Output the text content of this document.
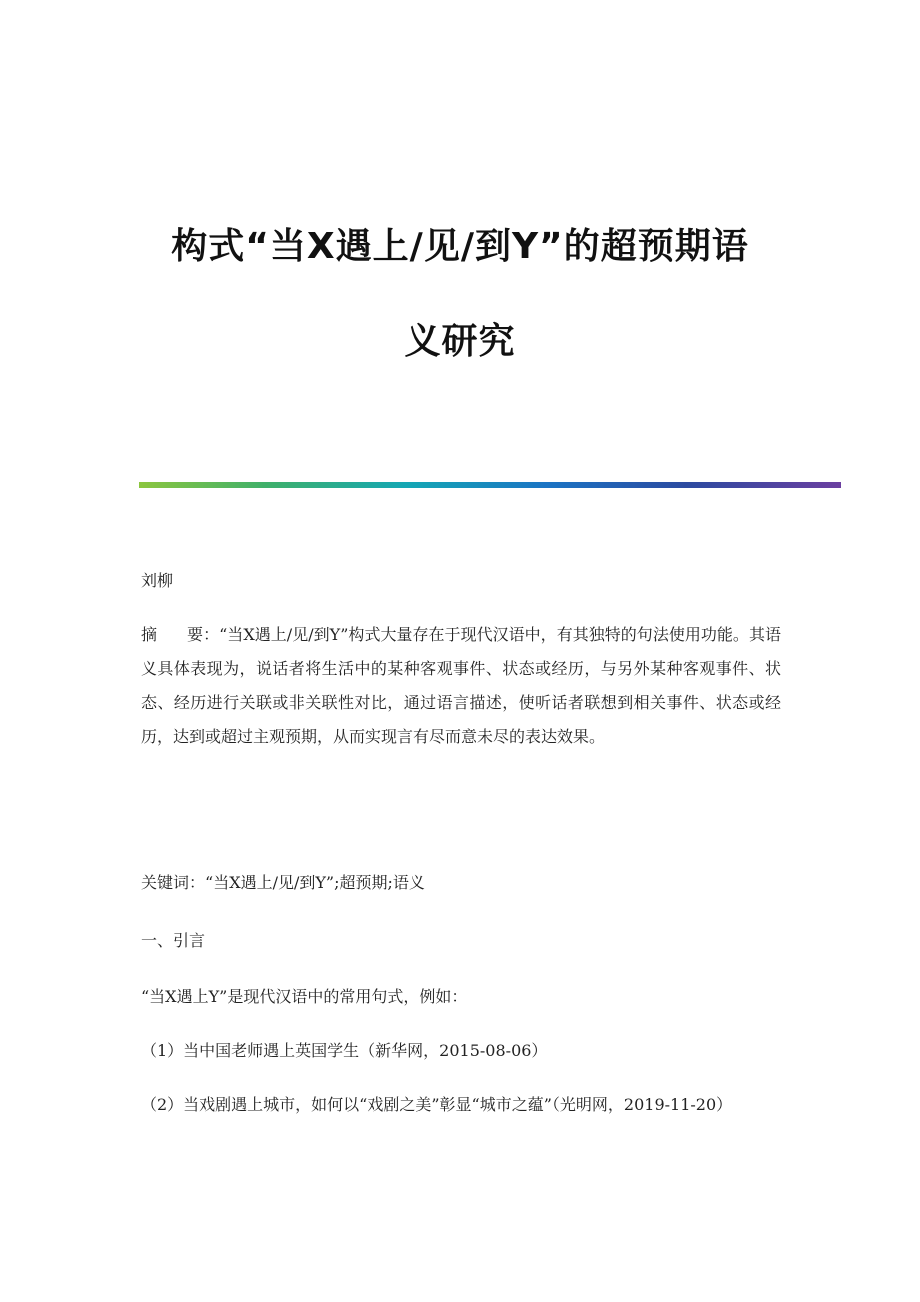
构式“当X遇上/见/到Y”的超预期语
义研究

刘柳

摘 要：“当X遇上/见/到Y”构式大量存在于现代汉语中，有其独特的句法使用功能。其语义具体表现为，说话者将生活中的某种客观事件、状态或经历，与另外某种客观事件、状态、经历进行关联或非关联性对比，通过语言描述，使听话者联想到相关事件、状态或经历，达到或超过主观预期，从而实现言有尽而意未尽的表达效果。

关键词：“当X遇上/见/到Y”;超预期;语义

一、引言

“当X遇上Y”是现代汉语中的常用句式，例如：

（1）当中国老师遇上英国学生（新华网，2015-08-06）

（2）当戏剧遇上城市，如何以“戏剧之美”彰显“城市之蕴”（光明网，2019-11-20）
